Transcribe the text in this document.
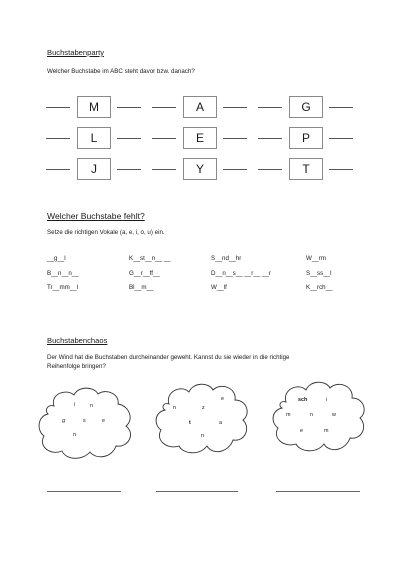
Buchstabenparty
Welcher Buchstabe im ABC steht davor bzw. danach?
M	A	G
L	E	P
J	Y	T
Welcher Buchstabe fehlt?
Setze die richtigen Vokale (a, e, i, o, u) ein.
__g__l	K__st__n__ __	S__nd__hr	W__rm
B__n__n__	G__r__ff__	D__n__s__ __r__ __r	S__ss__l
Tr__mm__l	Bl__m__	W__lf	K__rch__
Buchstabenchaos
Der Wind hat die Buchstaben durcheinander geweht. Kannst du sie wieder in die richtige
Reihenfolge bringen?
i	n
g	s	e
n
e
n	z
t	a
n
sch	i
m	n	w
e	m
